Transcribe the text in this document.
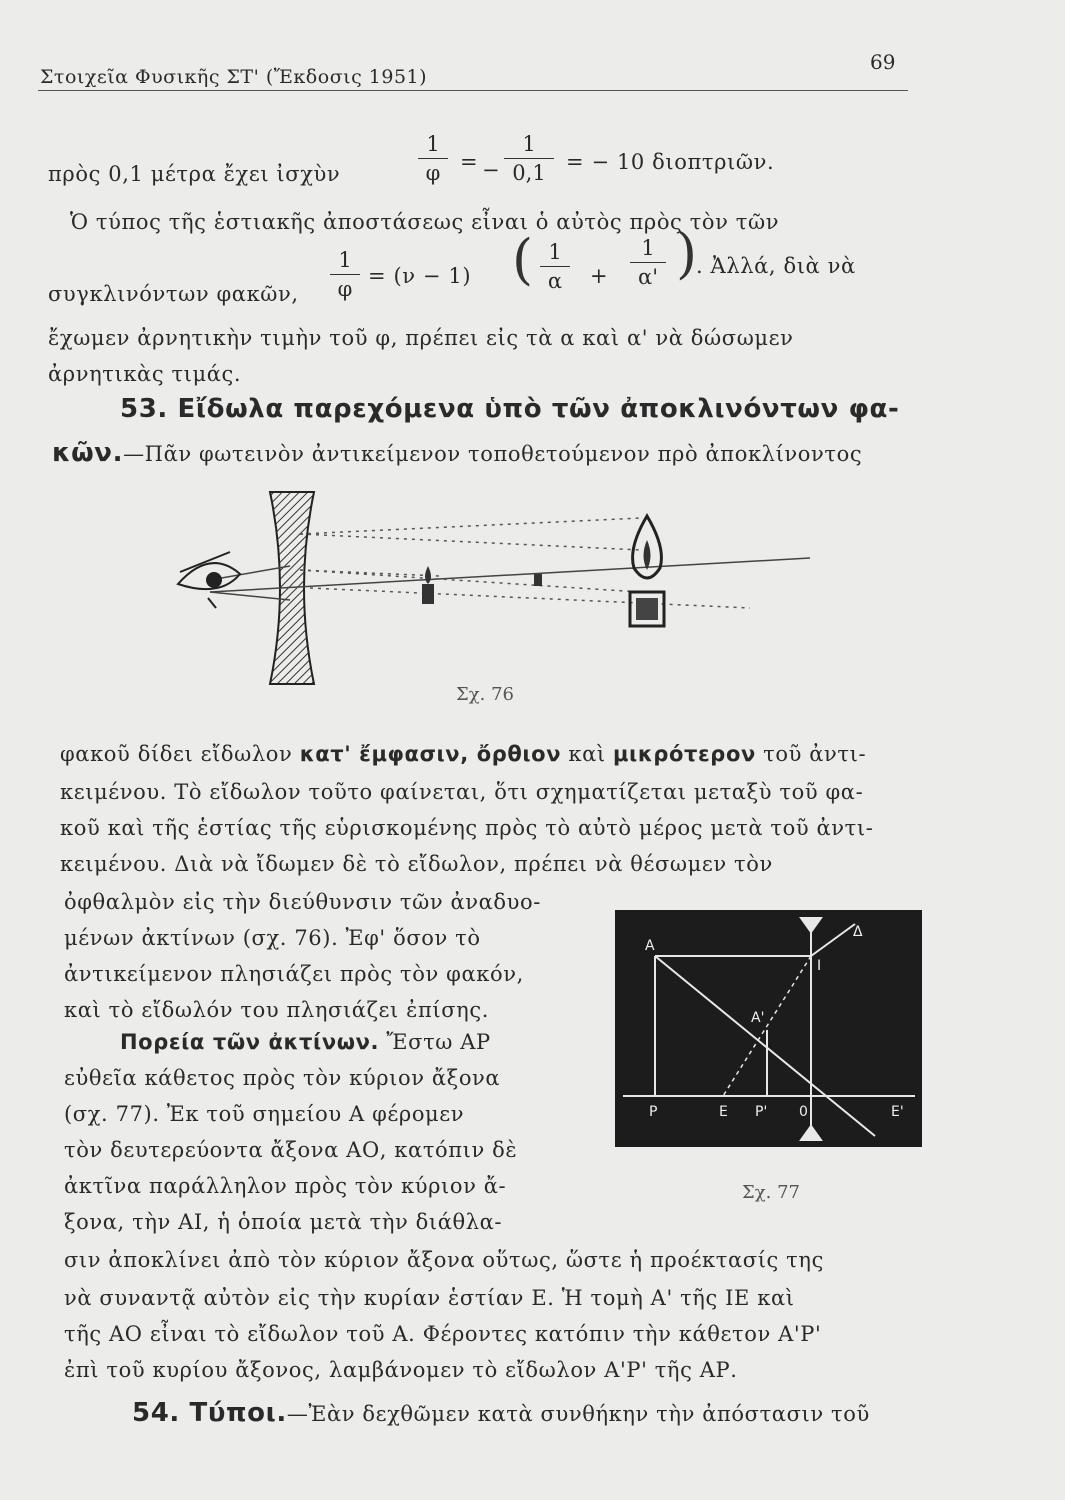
Στοιχεῖα Φυσικῆς ΣΤ' (Ἔκδοσις 1951)
69
πρὸς 0,1 μέτρα ἔχει ἰσχὺν
1
φ = −
1
0,1 = − 10 διοπτριῶν.
Ὁ τύπος τῆς ἑστιακῆς ἀποστάσεως εἶναι ὁ αὐτὸς πρὸς τὸν τῶν
συγκλινόντων φακῶν,
1
φ
= (ν − 1) ( 1
α	+
1
α' )
. Ἀλλά, διὰ νὰ
ἔχωμεν ἀρνητικὴν τιμὴν τοῦ φ, πρέπει εἰς τὰ α καὶ α' νὰ δώσωμεν
ἀρνητικὰς τιμάς.
53. Εἴδωλα παρεχόμενα ὑπὸ τῶν ἀποκλινόντων φα-
κῶν.—Πᾶν φωτεινὸν ἀντικείμενον τοποθετούμενον πρὸ ἀποκλίνοντος
Σχ. 76
φακοῦ δίδει εἴδωλον κατ' ἔμφασιν, ὄρθιον καὶ μικρότερον τοῦ ἀντι-
κειμένου. Τὸ εἴδωλον τοῦτο φαίνεται, ὅτι σχηματίζεται μεταξὺ τοῦ φα-
κοῦ καὶ τῆς ἑστίας τῆς εὑρισκομένης πρὸς τὸ αὐτὸ μέρος μετὰ τοῦ ἀντι-
κειμένου. Διὰ νὰ ἴδωμεν δὲ τὸ εἴδωλον, πρέπει νὰ θέσωμεν τὸν
ὀφθαλμὸν εἰς τὴν διεύθυνσιν τῶν ἀναδυο-
μένων ἀκτίνων (σχ. 76). Ἐφ' ὅσον τὸ
ἀντικείμενον πλησιάζει πρὸς τὸν φακόν,
καὶ τὸ εἴδωλόν του πλησιάζει ἐπίσης.
Πορεία τῶν ἀκτίνων. Ἔστω ΑΡ
εὐθεῖα κάθετος πρὸς τὸν κύριον ἄξονα
(σχ. 77). Ἐκ τοῦ σημείου Α φέρομεν
τὸν δευτερεύοντα ἄξονα ΑΟ, κατόπιν δὲ
ἀκτῖνα παράλληλον πρὸς τὸν κύριον ἄ-
ξονα, τὴν ΑΙ, ἡ ὁποία μετὰ τὴν διάθλα-
σιν ἀποκλίνει ἀπὸ τὸν κύριον ἄξονα οὕτως, ὥστε ἡ προέκτασίς της
νὰ συναντᾷ αὐτὸν εἰς τὴν κυρίαν ἑστίαν Ε. Ἡ τομὴ Α' τῆς ΙΕ καὶ
τῆς ΑΟ εἶναι τὸ εἴδωλον τοῦ Α. Φέροντες κατόπιν τὴν κάθετον Α'Ρ'
ἐπὶ τοῦ κυρίου ἄξονος, λαμβάνομεν τὸ εἴδωλον Α'Ρ' τῆς ΑΡ.
Α
Ι
Δ
Α'
Ρ	Ε Ρ' 0	Ε'
Σχ. 77
54. Τύποι.—Ἐὰν δεχθῶμεν κατὰ συνθήκην τὴν ἀπόστασιν τοῦ
